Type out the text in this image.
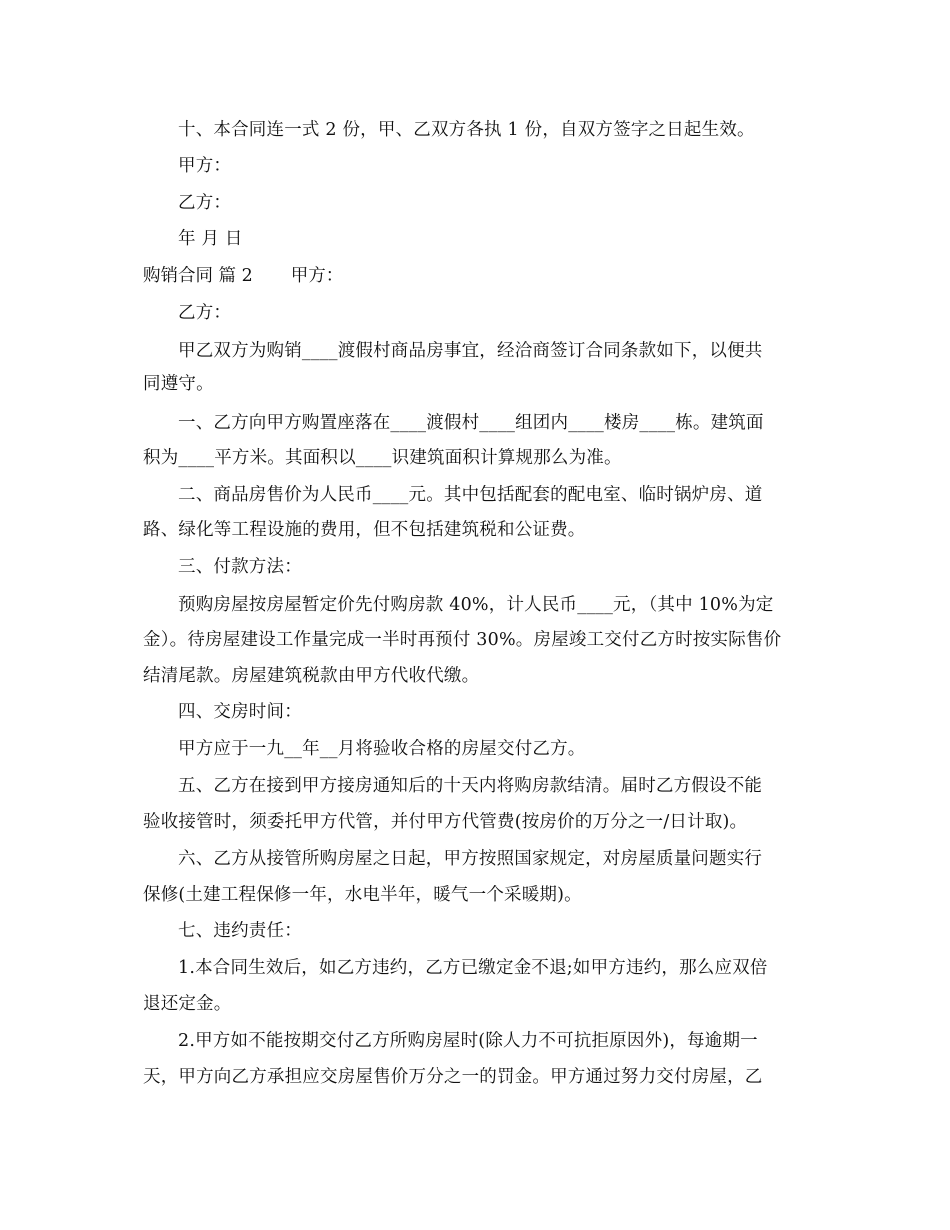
十、本合同连一式 2 份，甲、乙双方各执 1 份，自双方签字之日起生效。
甲方：
乙方：
年 月 日
购销合同 篇 2 甲方：
乙方：
甲乙双方为购销____渡假村商品房事宜，经洽商签订合同条款如下，以便共
同遵守。
一、乙方向甲方购置座落在____渡假村____组团内____楼房____栋。建筑面
积为____平方米。其面积以____识建筑面积计算规那么为准。
二、商品房售价为人民币____元。其中包括配套的配电室、临时锅炉房、道
路、绿化等工程设施的费用，但不包括建筑税和公证费。
三、付款方法：
预购房屋按房屋暂定价先付购房款 40%，计人民币____元，（其中 10%为定
金）。待房屋建设工作量完成一半时再预付 30%。房屋竣工交付乙方时按实际售价
结清尾款。房屋建筑税款由甲方代收代缴。
四、交房时间：
甲方应于一九__年__月将验收合格的房屋交付乙方。
五、乙方在接到甲方接房通知后的十天内将购房款结清。届时乙方假设不能
验收接管时，须委托甲方代管，并付甲方代管费(按房价的万分之一/日计取)。
六、乙方从接管所购房屋之日起，甲方按照国家规定，对房屋质量问题实行
保修(土建工程保修一年，水电半年，暖气一个采暖期)。
七、违约责任：
1.本合同生效后，如乙方违约，乙方已缴定金不退;如甲方违约，那么应双倍
退还定金。
2.甲方如不能按期交付乙方所购房屋时(除人力不可抗拒原因外)，每逾期一
天，甲方向乙方承担应交房屋售价万分之一的罚金。甲方通过努力交付房屋，乙
